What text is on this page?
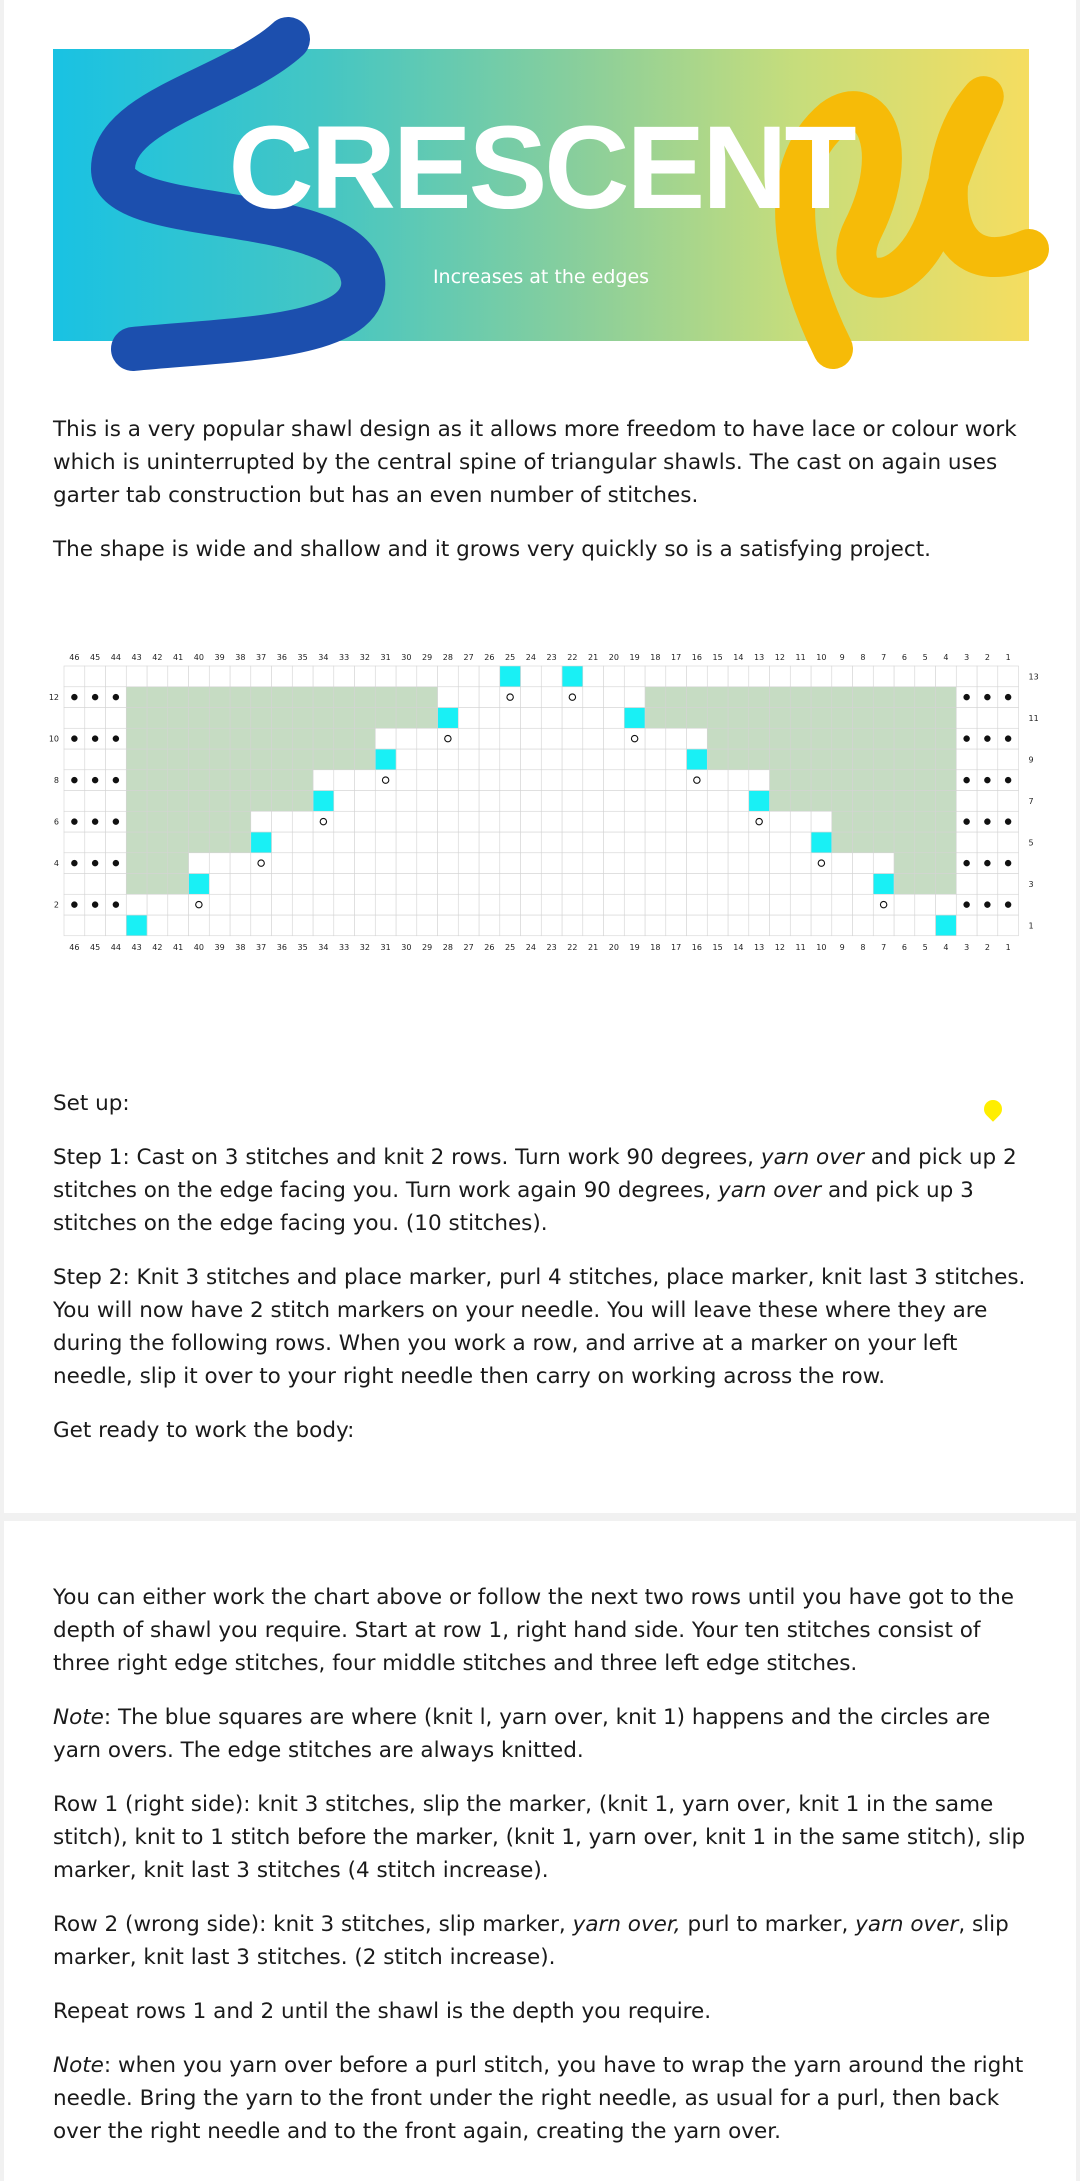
CRESCENT
Increases at the edges

This is a very popular shawl design as it allows more freedom to have lace or colour work which is uninterrupted by the central spine of triangular shawls. The cast on again uses garter tab construction but has an even number of stitches.

The shape is wide and shallow and it grows very quickly so is a satisfying project.

46
46
45
45
44
44
43
43
42
42
41
41
40
40
39
39
38
38
37
37
36
36
35
35
34
34
33
33
32
32
31
31
30
30
29
29
28
28
27
27
26
26
25
25
24
24
23
23
22
22
21
21
20
20
19
19
18
18
17
17
16
16
15
15
14
14
13
13
12
12
11
11
10
10
9
9
8
8
7
7
6
6
5
5
4
4
3
3
2
2
1
1
13
11
9
7
5
3
1
12
10
8
6
4
2

Set up:

Step 1: Cast on 3 stitches and knit 2 rows. Turn work 90 degrees, yarn over and pick up 2 stitches on the edge facing you. Turn work again 90 degrees, yarn over and pick up 3 stitches on the edge facing you. (10 stitches).

Step 2: Knit 3 stitches and place marker, purl 4 stitches, place marker, knit last 3 stitches. You will now have 2 stitch markers on your needle. You will leave these where they are during the following rows. When you work a row, and arrive at a marker on your left needle, slip it over to your right needle then carry on working across the row.

Get ready to work the body:

You can either work the chart above or follow the next two rows until you have got to the depth of shawl you require. Start at row 1, right hand side. Your ten stitches consist of three right edge stitches, four middle stitches and three left edge stitches.

Note: The blue squares are where (knit l, yarn over, knit 1) happens and the circles are yarn overs. The edge stitches are always knitted.

Row 1 (right side): knit 3 stitches, slip the marker, (knit 1, yarn over, knit 1 in the same stitch), knit to 1 stitch before the marker, (knit 1, yarn over, knit 1 in the same stitch), slip marker, knit last 3 stitches (4 stitch increase).

Row 2 (wrong side): knit 3 stitches, slip marker, yarn over, purl to marker, yarn over, slip marker, knit last 3 stitches. (2 stitch increase).

Repeat rows 1 and 2 until the shawl is the depth you require.

Note: when you yarn over before a purl stitch, you have to wrap the yarn around the right needle. Bring the yarn to the front under the right needle, as usual for a purl, then back over the right needle and to the front again, creating the yarn over.
